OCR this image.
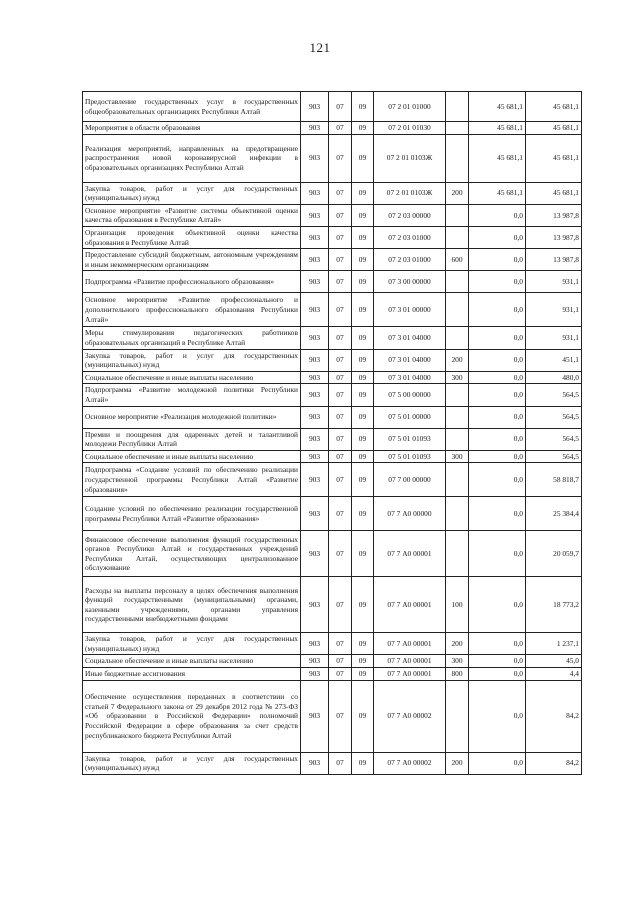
121
Предоставление государственных услуг в государственных общеобразовательных организациях Республики Алтай	903	07	09	07 2 01 01000		45 681,1	45 681,1
Мероприятия в области образования	903	07	09	07 2 01 01030		45 681,1	45 681,1
Реализация мероприятий, направленных на предотвращение распространения новой коронавирусной инфекции в образовательных организациях Республики Алтай	903	07	09	07 2 01 0103Ж		45 681,1	45 681,1
Закупка товаров, работ и услуг для государственных (муниципальных) нужд	903	07	09	07 2 01 0103Ж	200	45 681,1	45 681,1
Основное мероприятие «Развитие системы объективной оценки качества образования в Республике Алтай»	903	07	09	07 2 03 00000		0,0	13 987,8
Организация проведения объективной оценки качества образования в Республике Алтай	903	07	09	07 2 03 01000		0,0	13 987,8
Предоставление субсидий бюджетным, автономным учреждениям и иным некоммерческим организациям	903	07	09	07 2 03 01000	600	0,0	13 987,8
Подпрограмма «Развитие профессионального образования»	903	07	09	07 3 00 00000		0,0	931,1
Основное мероприятие «Развитие профессионального и дополнительного профессионального образования Республики Алтай»	903	07	09	07 3 01 00000		0,0	931,1
Меры стимулирования педагогических работников образовательных организаций в Республике Алтай	903	07	09	07 3 01 04000		0,0	931,1
Закупка товаров, работ и услуг для государственных (муниципальных) нужд	903	07	09	07 3 01 04000	200	0,0	451,1
Социальное обеспечение и иные выплаты населению	903	07	09	07 3 01 04000	300	0,0	480,0
Подпрограмма «Развитие молодежной политики Республики Алтай»	903	07	09	07 5 00 00000		0,0	564,5
Основное мероприятие «Реализация молодежной политики»	903	07	09	07 5 01 00000		0,0	564,5
Премии и поощрения для одаренных детей и талантливой молодежи Республики Алтай	903	07	09	07 5 01 01093		0,0	564,5
Социальное обеспечение и иные выплаты населению	903	07	09	07 5 01 01093	300	0,0	564,5
Подпрограмма «Создание условий по обеспечению реализации государственной программы Республики Алтай «Развитие образования»	903	07	09	07 7 00 00000		0,0	58 818,7
Создание условий по обеспечению реализации государственной программы Республики Алтай «Развитие образования»	903	07	09	07 7 А0 00000		0,0	25 384,4
Финансовое обеспечение выполнения функций государственных органов Республики Алтай и государственных учреждений Республики Алтай, осуществляющих централизованное обслуживание	903	07	09	07 7 А0 00001		0,0	20 059,7
Расходы на выплаты персоналу в целях обеспечения выполнения функций государственными (муниципальными) органами, казенными учреждениями, органами управления государственными внебюджетными фондами	903	07	09	07 7 А0 00001	100	0,0	18 773,2
Закупка товаров, работ и услуг для государственных (муниципальных) нужд	903	07	09	07 7 А0 00001	200	0,0	1 237,1
Социальное обеспечение и иные выплаты населению	903	07	09	07 7 А0 00001	300	0,0	45,0
Иные бюджетные ассигнования	903	07	09	07 7 А0 00001	800	0,0	4,4
Обеспечение осуществления переданных в соответствии со статьей 7 Федерального закона от 29 декабря 2012 года № 273-ФЗ «Об образовании в Российской Федерации» полномочий Российской Федерации в сфере образования за счет средств республиканского бюджета Республики Алтай	903	07	09	07 7 А0 00002		0,0	84,2
Закупка товаров, работ и услуг для государственных (муниципальных) нужд	903	07	09	07 7 А0 00002	200	0,0	84,2
